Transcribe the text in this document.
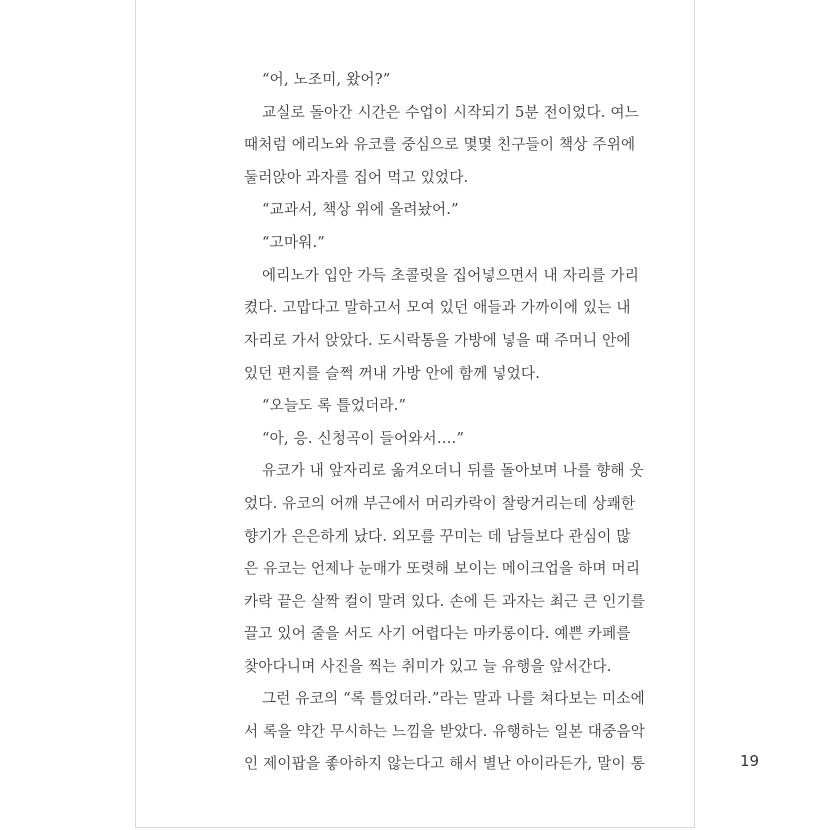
“어, 노조미, 왔어?”
교실로 돌아간 시간은 수업이 시작되기 5분 전이었다. 여느
때처럼 에리노와 유코를 중심으로 몇몇 친구들이 책상 주위에
둘러앉아 과자를 집어 먹고 있었다.
“교과서, 책상 위에 올려놨어.”
“고마워.”
에리노가 입안 가득 초콜릿을 집어넣으면서 내 자리를 가리
켰다. 고맙다고 말하고서 모여 있던 애들과 가까이에 있는 내
자리로 가서 앉았다. 도시락통을 가방에 넣을 때 주머니 안에
있던 편지를 슬쩍 꺼내 가방 안에 함께 넣었다.
“오늘도 록 틀었더라.”
“아, 응. 신청곡이 들어와서….”
유코가 내 앞자리로 옮겨오더니 뒤를 돌아보며 나를 향해 웃
었다. 유코의 어깨 부근에서 머리카락이 찰랑거리는데 상쾌한
향기가 은은하게 났다. 외모를 꾸미는 데 남들보다 관심이 많
은 유코는 언제나 눈매가 또렷해 보이는 메이크업을 하며 머리
카락 끝은 살짝 컬이 말려 있다. 손에 든 과자는 최근 큰 인기를
끌고 있어 줄을 서도 사기 어렵다는 마카롱이다. 예쁜 카페를
찾아다니며 사진을 찍는 취미가 있고 늘 유행을 앞서간다.
그런 유코의 “록 틀었더라.”라는 말과 나를 쳐다보는 미소에
서 록을 약간 무시하는 느낌을 받았다. 유행하는 일본 대중음악
인 제이팝을 좋아하지 않는다고 해서 별난 아이라든가, 말이 통	19
